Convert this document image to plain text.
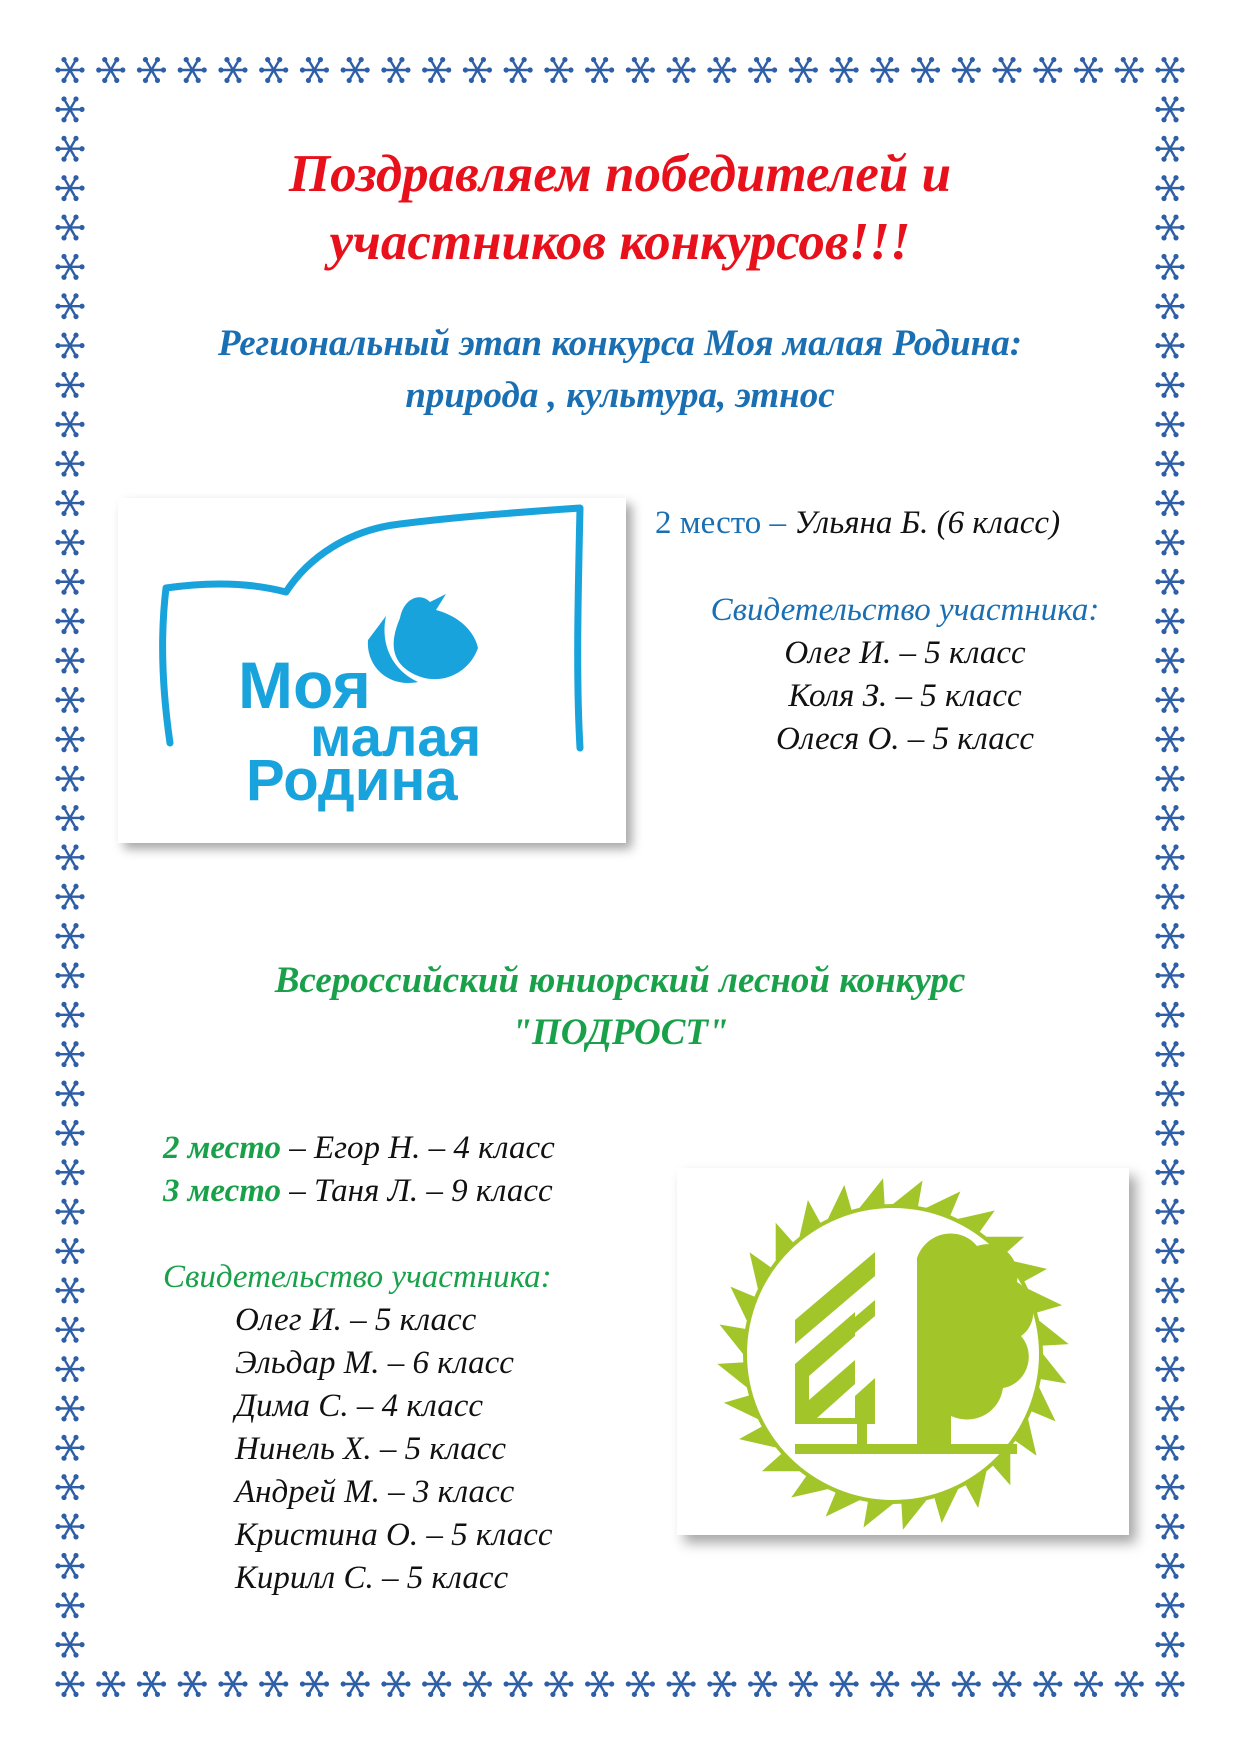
Поздравляем победителей и
участников конкурсов!!!
Региональный этап конкурса Моя малая Родина:
природа , культура, этнос
Моя
малая
Родина
2 место – Ульяна Б. (6 класс)
Свидетельство участника:
Олег И. – 5 класс
Коля З. – 5 класс
Олеся О. – 5 класс
Всероссийский юниорский лесной конкурс
"ПОДРОСТ"
2 место – Егор Н. – 4 класс
3 место – Таня Л. – 9 класс
Свидетельство участника:
Олег И. – 5 класс
Эльдар М. – 6 класс
Дима С. – 4 класс
Нинель Х. – 5 класс
Андрей М. – 3 класс
Кристина О. – 5 класс
Кирилл С. – 5 класс
